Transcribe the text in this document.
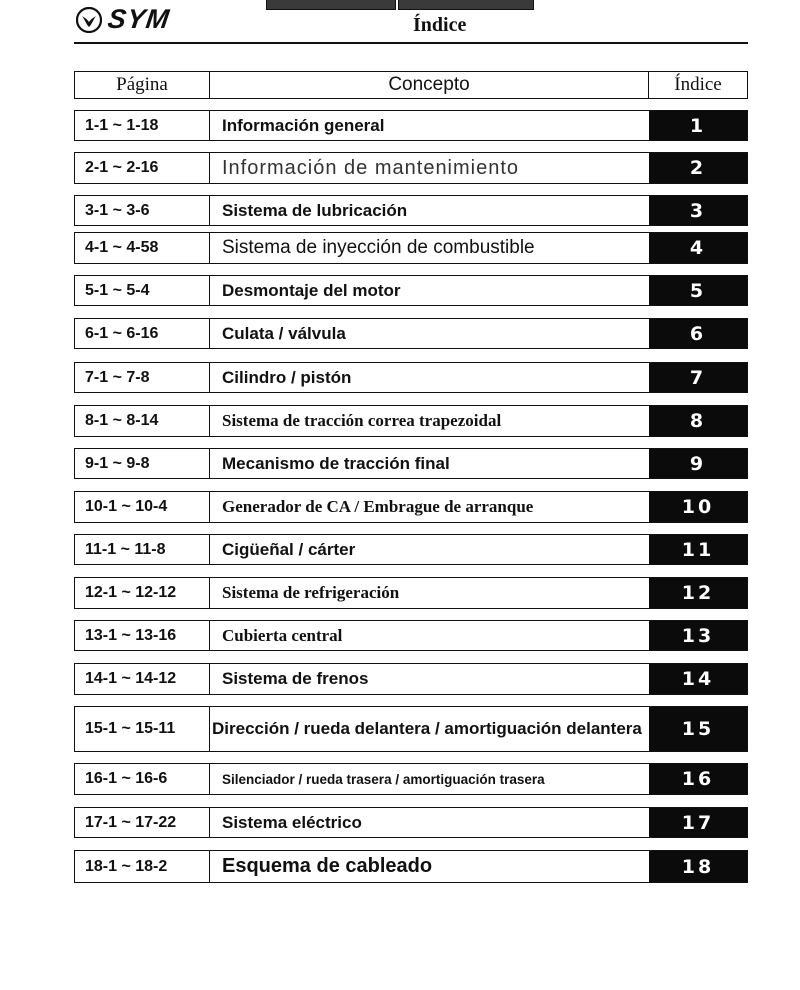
SYM	Índice
Página	Concepto	Índice
1-1 ~ 1-18	Información general	1
2-1 ~ 2-16	Información de mantenimiento	2
3-1 ~ 3-6	Sistema de lubricación	3
4-1 ~ 4-58	Sistema de inyección de combustible	4
5-1 ~ 5-4	Desmontaje del motor	5
6-1 ~ 6-16	Culata / válvula	6
7-1 ~ 7-8	Cilindro / pistón	7
8-1 ~ 8-14	Sistema de tracción correa trapezoidal	8
9-1 ~ 9-8	Mecanismo de tracción final	9
10-1 ~ 10-4	Generador de CA / Embrague de arranque	10
11-1 ~ 11-8	Cigüeñal / cárter	11
12-1 ~ 12-12	Sistema de refrigeración	12
13-1 ~ 13-16	Cubierta central	13
14-1 ~ 14-12	Sistema de frenos	14
15-1 ~ 15-11	Dirección / rueda delantera / amortiguación delantera	15
16-1 ~ 16-6	Silenciador / rueda trasera / amortiguación trasera	16
17-1 ~ 17-22	Sistema eléctrico	17
18-1 ~ 18-2	Esquema de cableado	18
